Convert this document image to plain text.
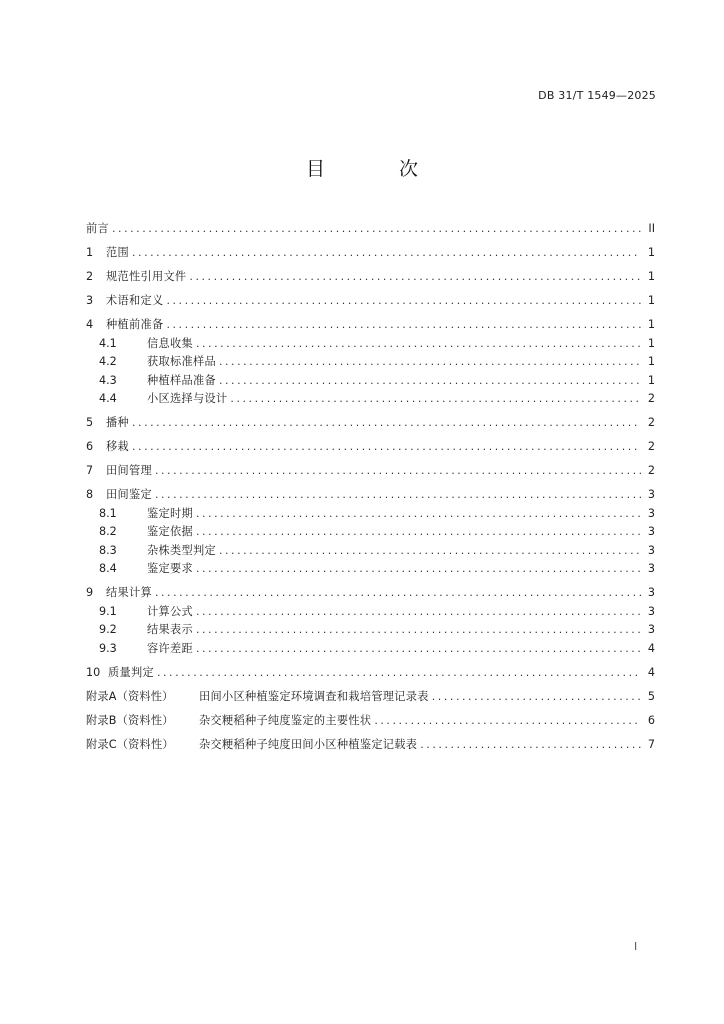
DB 31/T 1549—2025
目 次
前言 .....	II
1	范围 .....	1
2	规范性引用文件 .....	1
3	术语和定义 .....	1
4	种植前准备 .....	1
4.1	信息收集 .....	1
4.2	获取标准样品 .....	1
4.3	种植样品准备 .....	1
4.4	小区选择与设计 .....	2
5	播种 .....	2
6	移栽 .....	2
7	田间管理 .....	2
8	田间鉴定 .....	3
8.1	鉴定时期 .....	3
8.2	鉴定依据 .....	3
8.3	杂株类型判定 .....	3
8.4	鉴定要求 .....	3
9	结果计算 .....	3
9.1	计算公式 .....	3
9.2	结果表示 .....	3
9.3	容许差距 .....	4
10 质量判定 .....	4
附录A（资料性）	田间小区种植鉴定环境调查和栽培管理记录表 .....	5
附录B（资料性）	杂交粳稻种子纯度鉴定的主要性状 .....	6
附录C（资料性）	杂交粳稻种子纯度田间小区种植鉴定记载表 .....	7
I
